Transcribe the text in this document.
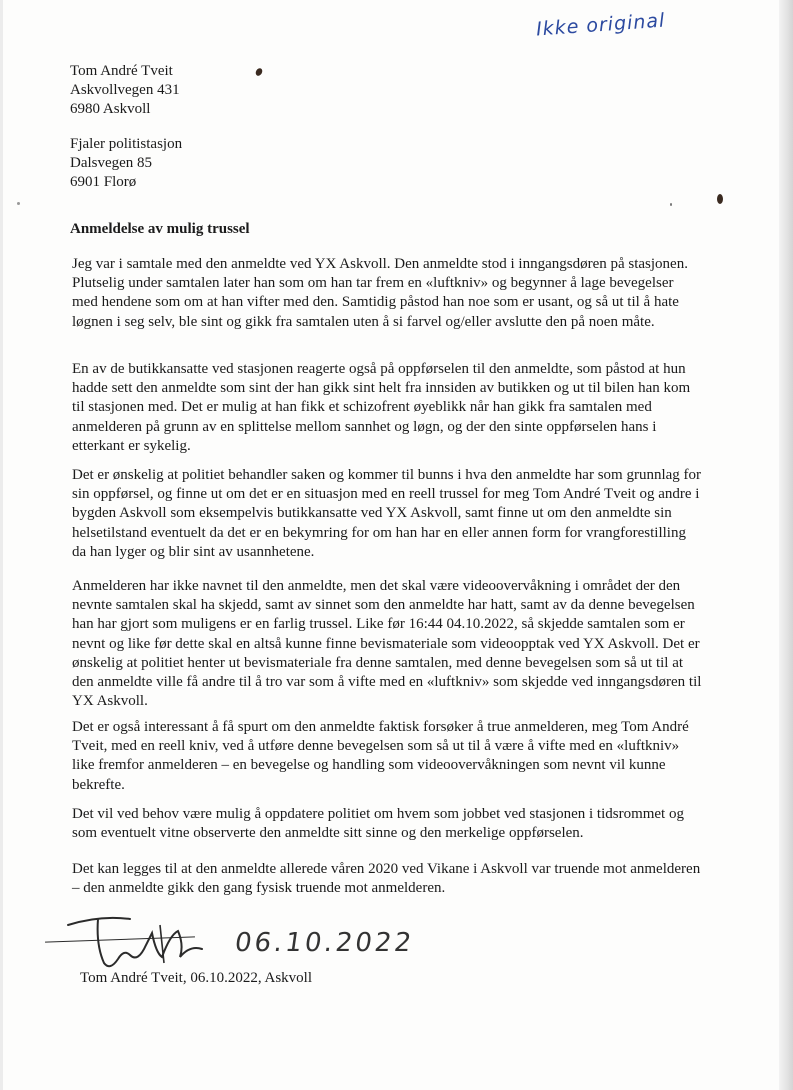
Ikke original
Tom André Tveit
Askvollvegen 431
6980 Askvoll
Fjaler politistasjon
Dalsvegen 85
6901 Florø
Anmeldelse av mulig trussel

Jeg var i samtale med den anmeldte ved YX Askvoll. Den anmeldte stod i inngangsdøren på stasjonen. Plutselig under samtalen later han som om han tar frem en «luftkniv» og begynner å lage bevegelser med hendene som om at han vifter med den. Samtidig påstod han noe som er usant, og så ut til å hate løgnen i seg selv, ble sint og gikk fra samtalen uten å si farvel og/eller avslutte den på noen måte.

En av de butikkansatte ved stasjonen reagerte også på oppførselen til den anmeldte, som påstod at hun hadde sett den anmeldte som sint der han gikk sint helt fra innsiden av butikken og ut til bilen han kom til stasjonen med. Det er mulig at han fikk et schizofrent øyeblikk når han gikk fra samtalen med anmelderen på grunn av en splittelse mellom sannhet og løgn, og der den sinte oppførselen hans i etterkant er sykelig.

Det er ønskelig at politiet behandler saken og kommer til bunns i hva den anmeldte har som grunnlag for sin oppførsel, og finne ut om det er en situasjon med en reell trussel for meg Tom André Tveit og andre i bygden Askvoll som eksempelvis butikkansatte ved YX Askvoll, samt finne ut om den anmeldte sin helsetilstand eventuelt da det er en bekymring for om han har en eller annen form for vrangforestilling da han lyger og blir sint av usannhetene.

Anmelderen har ikke navnet til den anmeldte, men det skal være videoovervåkning i området der den nevnte samtalen skal ha skjedd, samt av sinnet som den anmeldte har hatt, samt av da denne bevegelsen han har gjort som muligens er en farlig trussel. Like før 16:44 04.10.2022, så skjedde samtalen som er nevnt og like før dette skal en altså kunne finne bevismateriale som videoopptak ved YX Askvoll. Det er ønskelig at politiet henter ut bevismateriale fra denne samtalen, med denne bevegelsen som så ut til at den anmeldte ville få andre til å tro var som å vifte med en «luftkniv» som skjedde ved inngangsdøren til YX Askvoll.

Det er også interessant å få spurt om den anmeldte faktisk forsøker å true anmelderen, meg Tom André Tveit, med en reell kniv, ved å utføre denne bevegelsen som så ut til å være å vifte med en «luftkniv» like fremfor anmelderen – en bevegelse og handling som videoovervåkningen som nevnt vil kunne bekrefte.

Det vil ved behov være mulig å oppdatere politiet om hvem som jobbet ved stasjonen i tidsrommet og som eventuelt vitne observerte den anmeldte sitt sinne og den merkelige oppførselen.

Det kan legges til at den anmeldte allerede våren 2020 ved Vikane i Askvoll var truende mot anmelderen – den anmeldte gikk den gang fysisk truende mot anmelderen.

06.10.2022
Tom André Tveit, 06.10.2022, Askvoll
